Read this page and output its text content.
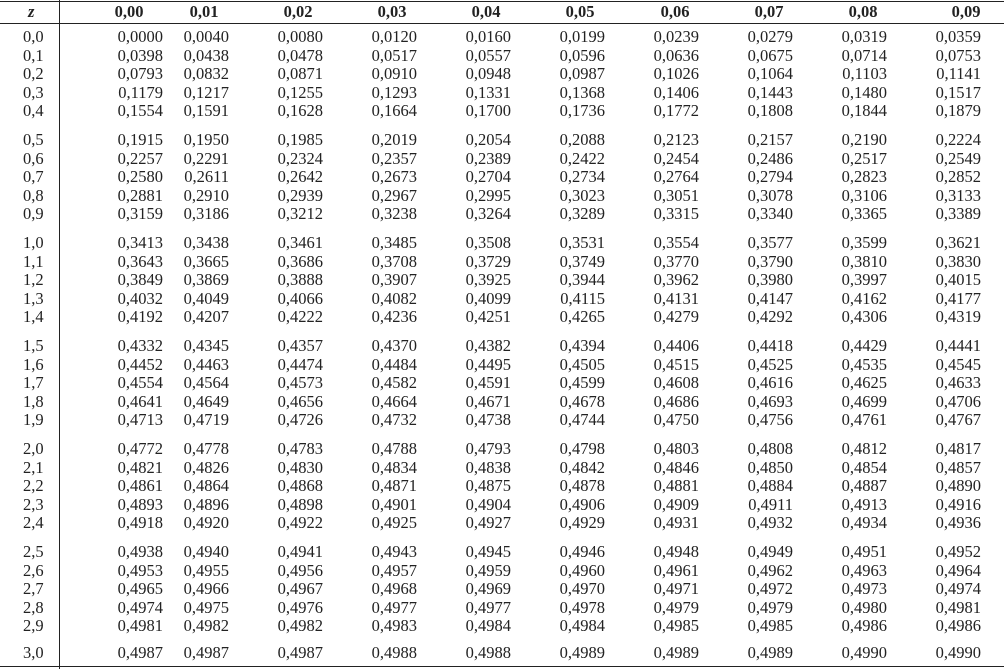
z	0,00	0,01	0,02	0,03	0,04	0,05	0,06	0,07	0,08	0,09
0,0	0,0000	0,0040	0,0080	0,0120	0,0160	0,0199	0,0239	0,0279	0,0319	0,0359
0,1	0,0398	0,0438	0,0478	0,0517	0,0557	0,0596	0,0636	0,0675	0,0714	0,0753
0,2	0,0793	0,0832	0,0871	0,0910	0,0948	0,0987	0,1026	0,1064	0,1103	0,1141
0,3	0,1179	0,1217	0,1255	0,1293	0,1331	0,1368	0,1406	0,1443	0,1480	0,1517
0,4	0,1554	0,1591	0,1628	0,1664	0,1700	0,1736	0,1772	0,1808	0,1844	0,1879
0,5	0,1915	0,1950	0,1985	0,2019	0,2054	0,2088	0,2123	0,2157	0,2190	0,2224
0,6	0,2257	0,2291	0,2324	0,2357	0,2389	0,2422	0,2454	0,2486	0,2517	0,2549
0,7	0,2580	0,2611	0,2642	0,2673	0,2704	0,2734	0,2764	0,2794	0,2823	0,2852
0,8	0,2881	0,2910	0,2939	0,2967	0,2995	0,3023	0,3051	0,3078	0,3106	0,3133
0,9	0,3159	0,3186	0,3212	0,3238	0,3264	0,3289	0,3315	0,3340	0,3365	0,3389
1,0	0,3413	0,3438	0,3461	0,3485	0,3508	0,3531	0,3554	0,3577	0,3599	0,3621
1,1	0,3643	0,3665	0,3686	0,3708	0,3729	0,3749	0,3770	0,3790	0,3810	0,3830
1,2	0,3849	0,3869	0,3888	0,3907	0,3925	0,3944	0,3962	0,3980	0,3997	0,4015
1,3	0,4032	0,4049	0,4066	0,4082	0,4099	0,4115	0,4131	0,4147	0,4162	0,4177
1,4	0,4192	0,4207	0,4222	0,4236	0,4251	0,4265	0,4279	0,4292	0,4306	0,4319
1,5	0,4332	0,4345	0,4357	0,4370	0,4382	0,4394	0,4406	0,4418	0,4429	0,4441
1,6	0,4452	0,4463	0,4474	0,4484	0,4495	0,4505	0,4515	0,4525	0,4535	0,4545
1,7	0,4554	0,4564	0,4573	0,4582	0,4591	0,4599	0,4608	0,4616	0,4625	0,4633
1,8	0,4641	0,4649	0,4656	0,4664	0,4671	0,4678	0,4686	0,4693	0,4699	0,4706
1,9	0,4713	0,4719	0,4726	0,4732	0,4738	0,4744	0,4750	0,4756	0,4761	0,4767
2,0	0,4772	0,4778	0,4783	0,4788	0,4793	0,4798	0,4803	0,4808	0,4812	0,4817
2,1	0,4821	0,4826	0,4830	0,4834	0,4838	0,4842	0,4846	0,4850	0,4854	0,4857
2,2	0,4861	0,4864	0,4868	0,4871	0,4875	0,4878	0,4881	0,4884	0,4887	0,4890
2,3	0,4893	0,4896	0,4898	0,4901	0,4904	0,4906	0,4909	0,4911	0,4913	0,4916
2,4	0,4918	0,4920	0,4922	0,4925	0,4927	0,4929	0,4931	0,4932	0,4934	0,4936
2,5	0,4938	0,4940	0,4941	0,4943	0,4945	0,4946	0,4948	0,4949	0,4951	0,4952
2,6	0,4953	0,4955	0,4956	0,4957	0,4959	0,4960	0,4961	0,4962	0,4963	0,4964
2,7	0,4965	0,4966	0,4967	0,4968	0,4969	0,4970	0,4971	0,4972	0,4973	0,4974
2,8	0,4974	0,4975	0,4976	0,4977	0,4977	0,4978	0,4979	0,4979	0,4980	0,4981
2,9	0,4981	0,4982	0,4982	0,4983	0,4984	0,4984	0,4985	0,4985	0,4986	0,4986
3,0	0,4987	0,4987	0,4987	0,4988	0,4988	0,4989	0,4989	0,4989	0,4990	0,4990
